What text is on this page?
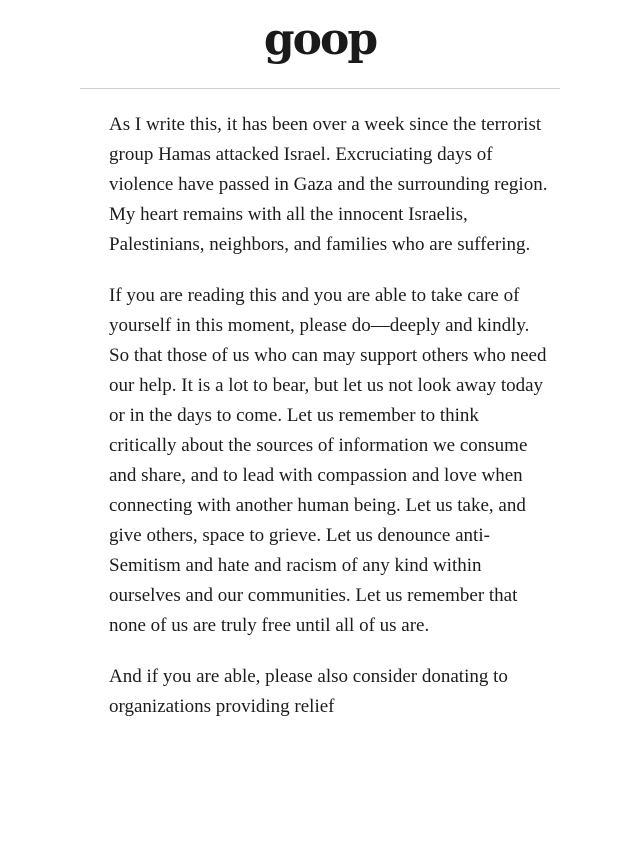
goop

As I write this, it has been over a week since the terrorist group Hamas attacked Israel. Excruciating days of violence have passed in Gaza and the surrounding region. My heart remains with all the innocent Israelis, Palestinians, neighbors, and families who are suffering.

If you are reading this and you are able to take care of yourself in this moment, please do—deeply and kindly. So that those of us who can may support others who need our help. It is a lot to bear, but let us not look away today or in the days to come. Let us remember to think critically about the sources of information we consume and share, and to lead with compassion and love when connecting with another human being. Let us take, and give others, space to grieve. Let us denounce anti-Semitism and hate and racism of any kind within ourselves and our communities. Let us remember that none of us are truly free until all of us are.

And if you are able, please also consider donating to organizations providing relief
